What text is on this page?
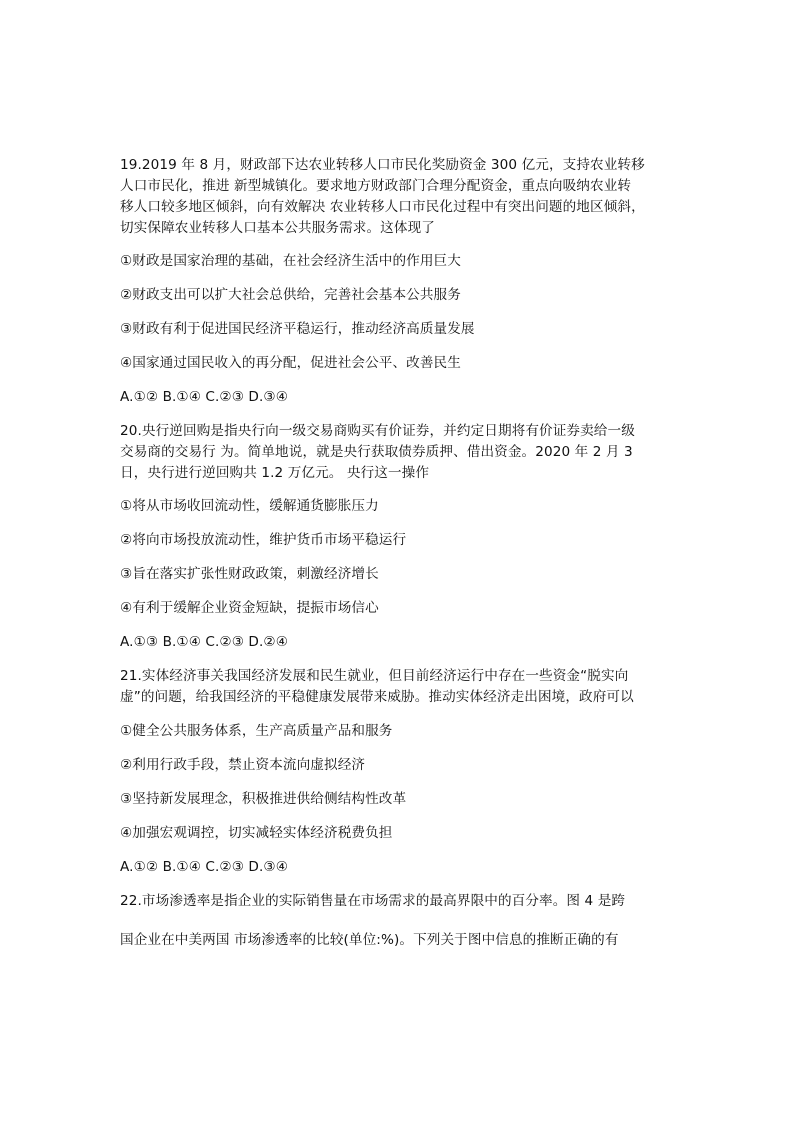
19.2019 年 8 月，财政部下达农业转移人口市民化奖励资金 300 亿元，支持农业转移
人口市民化，推进 新型城镇化。要求地方财政部门合理分配资金，重点向吸纳农业转
移人口较多地区倾斜，向有效解决 农业转移人口市民化过程中有突出问题的地区倾斜，
切实保障农业转移人口基本公共服务需求。这体现了
①财政是国家治理的基础，在社会经济生活中的作用巨大
②财政支出可以扩大社会总供给，完善社会基本公共服务
③财政有利于促进国民经济平稳运行，推动经济高质量发展
④国家通过国民收入的再分配，促进社会公平、改善民生
A.①② B.①④ C.②③ D.③④
20.央行逆回购是指央行向一级交易商购买有价证券，并约定日期将有价证券卖给一级
交易商的交易行 为。简单地说，就是央行获取债券质押、借出资金。2020 年 2 月 3
日，央行进行逆回购共 1.2 万亿元。 央行这一操作
①将从市场收回流动性，缓解通货膨胀压力
②将向市场投放流动性，维护货币市场平稳运行
③旨在落实扩张性财政政策，刺激经济增长
④有利于缓解企业资金短缺，提振市场信心
A.①③ B.①④ C.②③ D.②④
21.实体经济事关我国经济发展和民生就业，但目前经济运行中存在一些资金“脱实向
虚”的问题，给我国经济的平稳健康发展带来威胁。推动实体经济走出困境，政府可以
①健全公共服务体系，生产高质量产品和服务
②利用行政手段，禁止资本流向虚拟经济
③坚持新发展理念，积极推进供给侧结构性改革
④加强宏观调控，切实减轻实体经济税费负担
A.①② B.①④ C.②③ D.③④
22.市场渗透率是指企业的实际销售量在市场需求的最高界限中的百分率。图 4 是跨
国企业在中美两国 市场渗透率的比较(单位:%)。下列关于图中信息的推断正确的有
